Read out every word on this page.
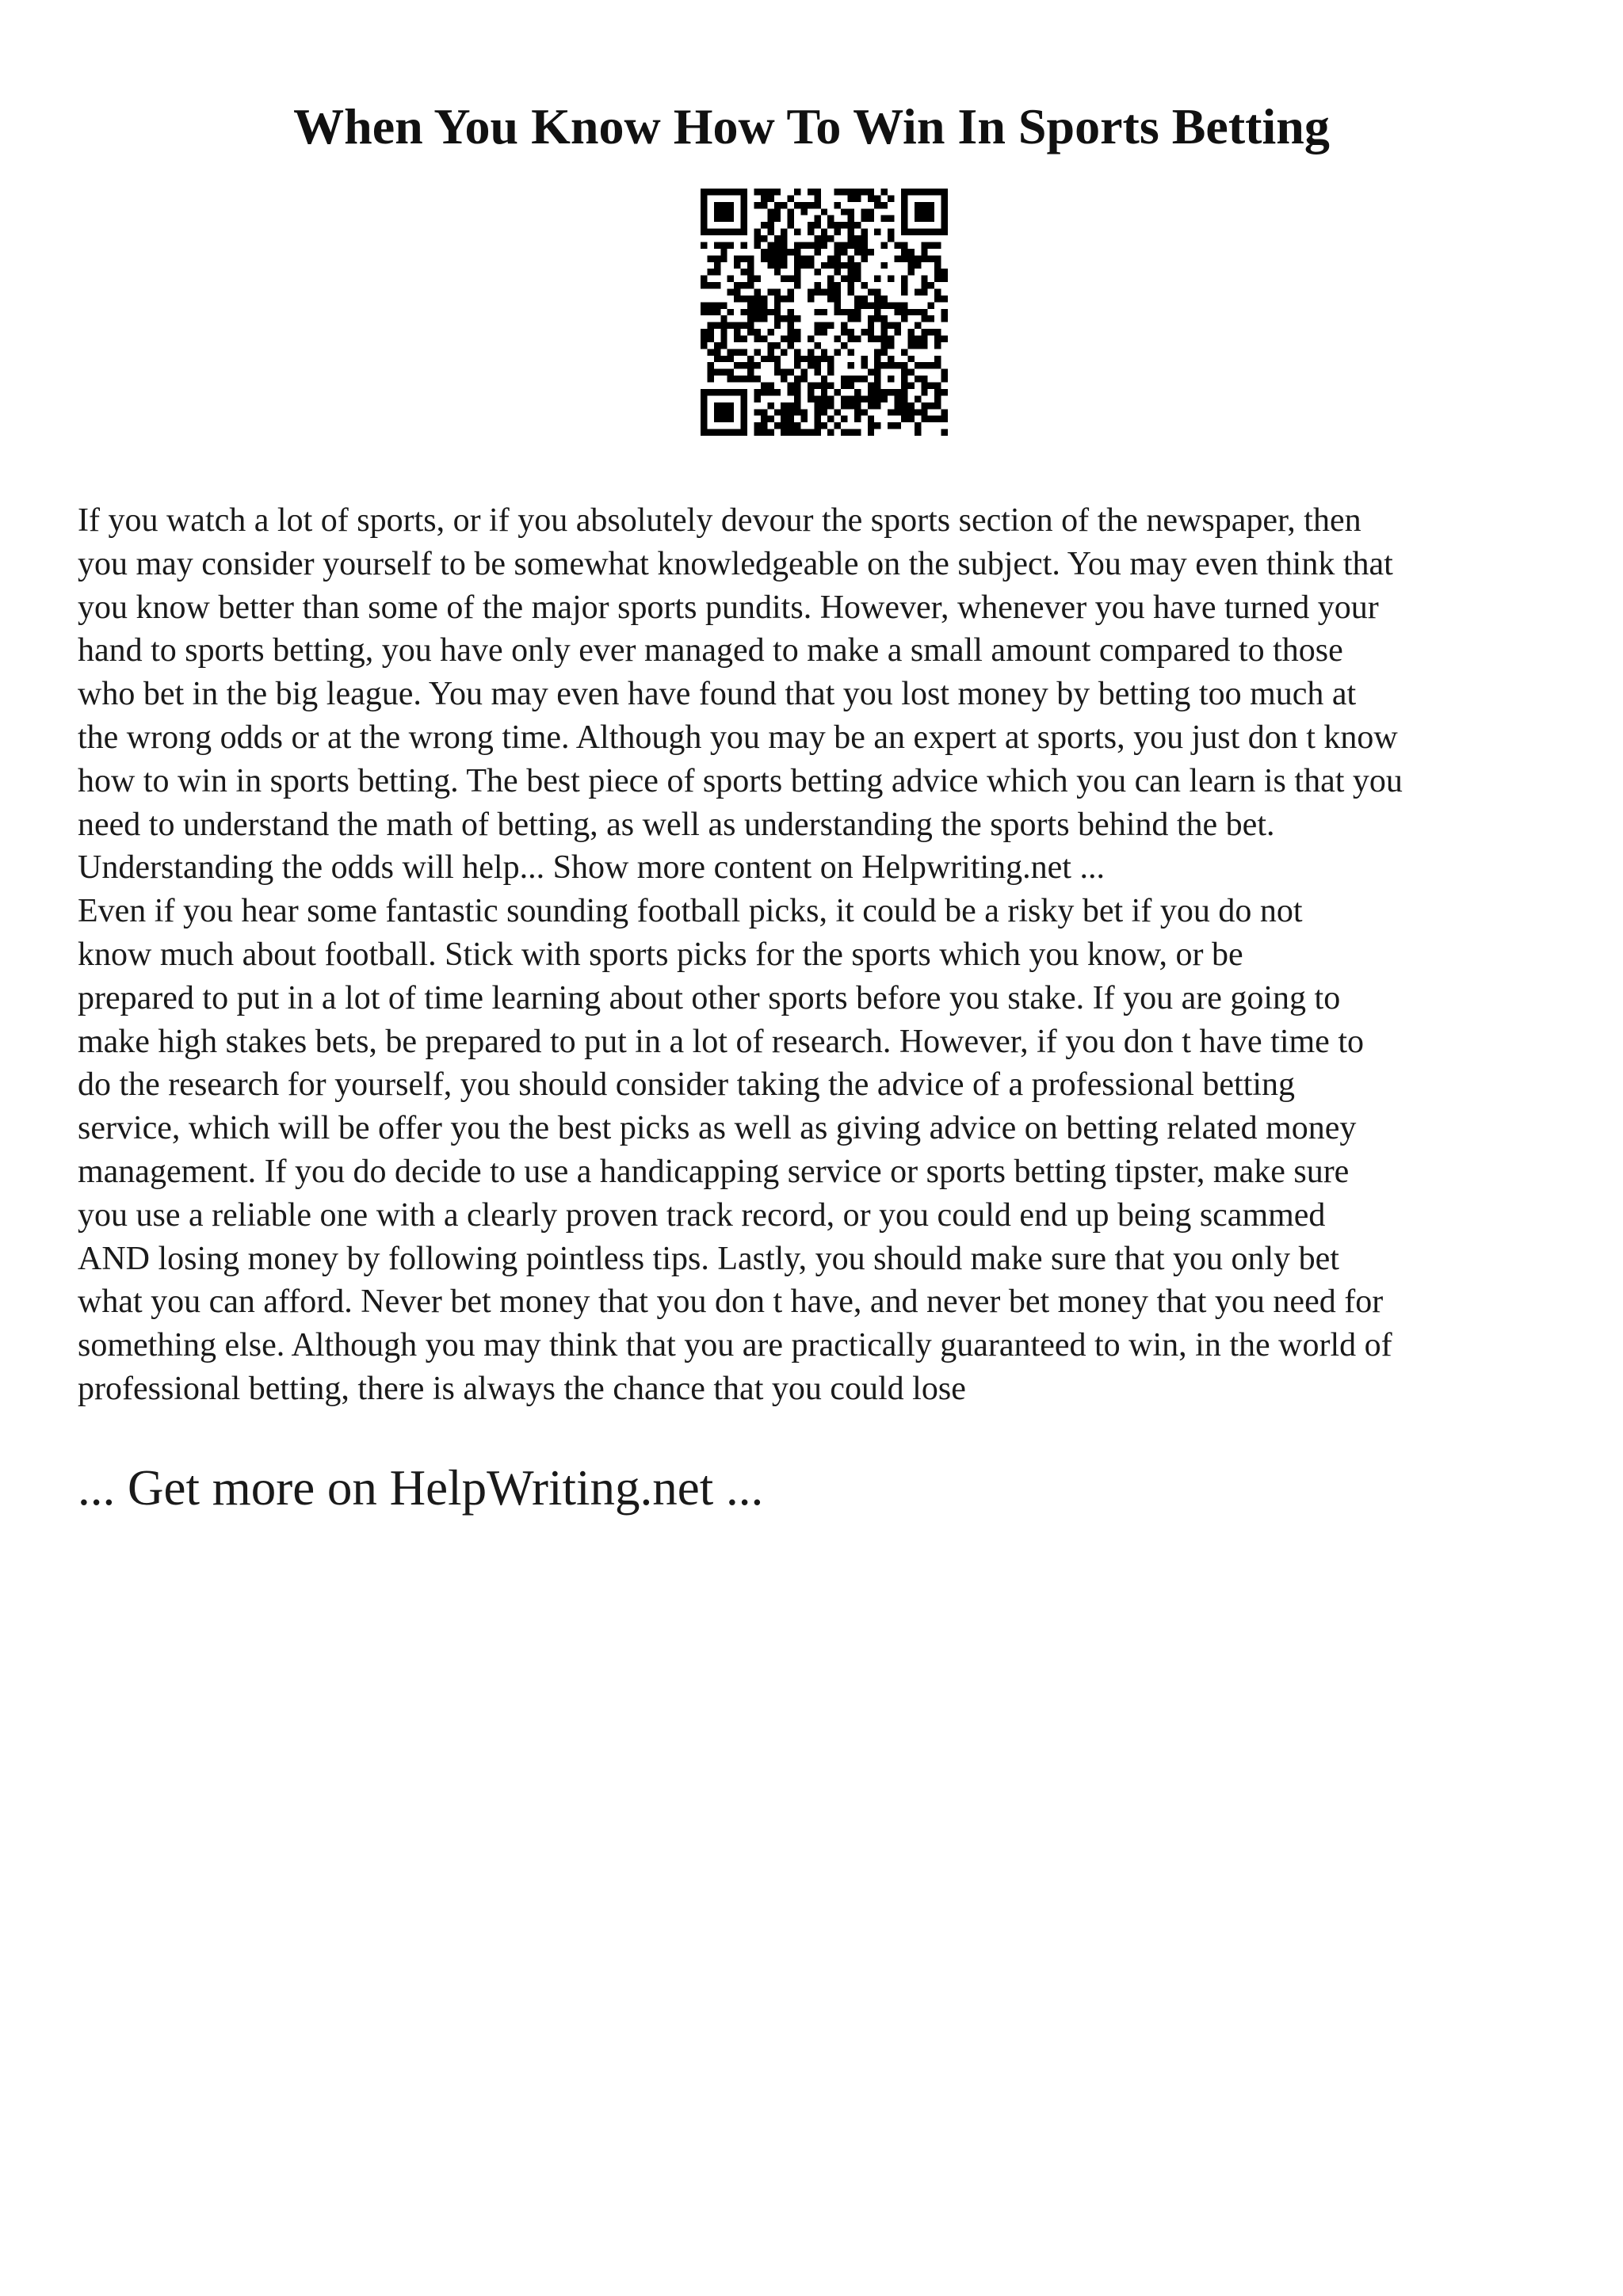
When You Know How To Win In Sports Betting

If you watch a lot of sports, or if you absolutely devour the sports section of the newspaper, then
you may consider yourself to be somewhat knowledgeable on the subject. You may even think that
you know better than some of the major sports pundits. However, whenever you have turned your
hand to sports betting, you have only ever managed to make a small amount compared to those
who bet in the big league. You may even have found that you lost money by betting too much at
the wrong odds or at the wrong time. Although you may be an expert at sports, you just don t know
how to win in sports betting. The best piece of sports betting advice which you can learn is that you
need to understand the math of betting, as well as understanding the sports behind the bet.
Understanding the odds will help... Show more content on Helpwriting.net ...

Even if you hear some fantastic sounding football picks, it could be a risky bet if you do not
know much about football. Stick with sports picks for the sports which you know, or be
prepared to put in a lot of time learning about other sports before you stake. If you are going to
make high stakes bets, be prepared to put in a lot of research. However, if you don t have time to
do the research for yourself, you should consider taking the advice of a professional betting
service, which will be offer you the best picks as well as giving advice on betting related money
management. If you do decide to use a handicapping service or sports betting tipster, make sure
you use a reliable one with a clearly proven track record, or you could end up being scammed
AND losing money by following pointless tips. Lastly, you should make sure that you only bet
what you can afford. Never bet money that you don t have, and never bet money that you need for
something else. Although you may think that you are practically guaranteed to win, in the world of
professional betting, there is always the chance that you could lose

... Get more on HelpWriting.net ...
